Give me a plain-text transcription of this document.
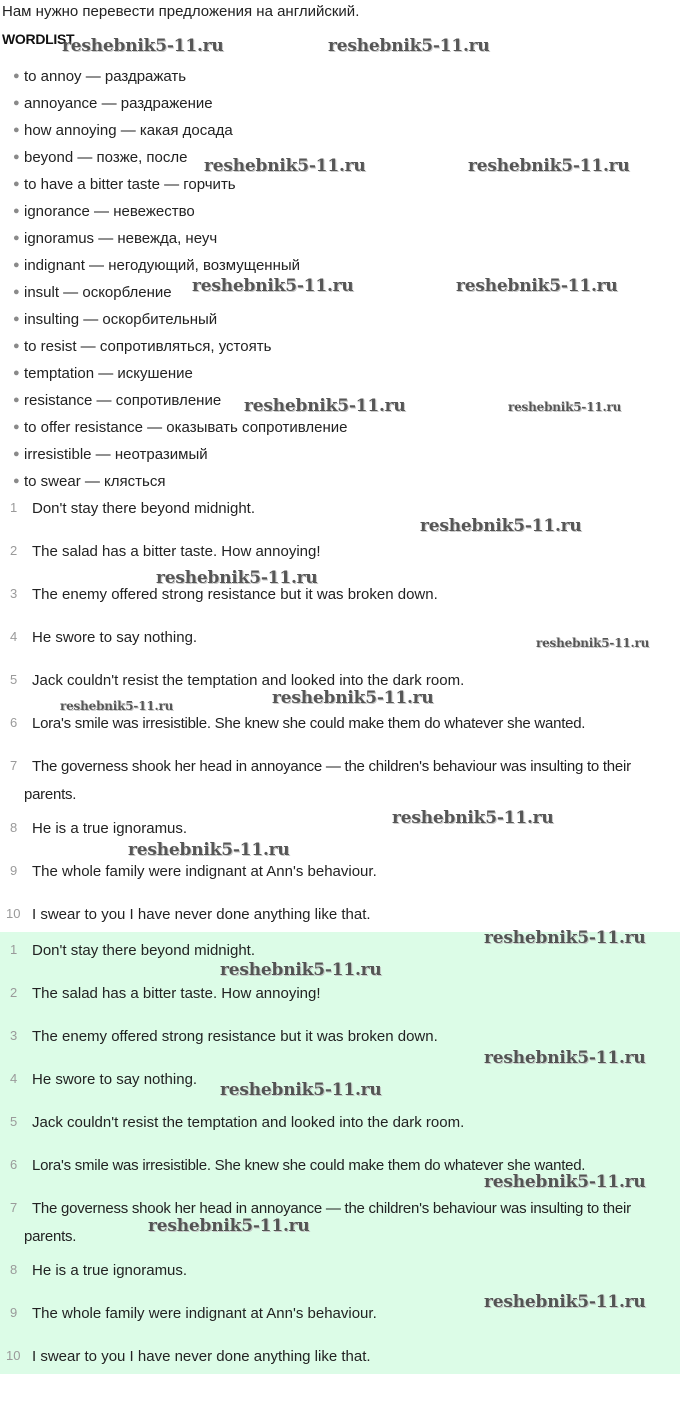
Нам нужно перевести предложения на английский.
WORDLIST
● to annoy — раздражать
● annoyance — раздражение
● how annoying — какая досада
● beyond — позже, после
● to have a bitter taste — горчить
● ignorance — невежество
● ignoramus — невежда, неуч
● indignant — негодующий, возмущенный
● insult — оскорбление
● insulting — оскорбительный
● to resist — сопротивляться, устоять
● temptation — искушение
● resistance — сопротивление
● to offer resistance — оказывать сопротивление
● irresistible — неотразимый
● to swear — клясться
1 Don't stay there beyond midnight.
2 The salad has a bitter taste. How annoying!
3 The enemy offered strong resistance but it was broken down.
4 He swore to say nothing.
5 Jack couldn't resist the temptation and looked into the dark room.
6 Lora's smile was irresistible. She knew she could make them do whatever she wanted.
7 The governess shook her head in annoyance — the children's behaviour was insulting to their parents.
8 He is a true ignoramus.
9 The whole family were indignant at Ann's behaviour.
10 I swear to you I have never done anything like that.
1 Don't stay there beyond midnight.
2 The salad has a bitter taste. How annoying!
3 The enemy offered strong resistance but it was broken down.
4 He swore to say nothing.
5 Jack couldn't resist the temptation and looked into the dark room.
6 Lora's smile was irresistible. She knew she could make them do whatever she wanted.
7 The governess shook her head in annoyance — the children's behaviour was insulting to their parents.
8 He is a true ignoramus.
9 The whole family were indignant at Ann's behaviour.
10 I swear to you I have never done anything like that.
reshebnik5-11.ru	reshebnik5-11.ru
reshebnik5-11.ru	reshebnik5-11.ru
reshebnik5-11.ru	reshebnik5-11.ru
reshebnik5-11.ru	reshebnik5-11.ru
reshebnik5-11.ru
reshebnik5-11.ru
reshebnik5-11.ru
reshebnik5-11.ru	reshebnik5-11.ru
reshebnik5-11.ru
reshebnik5-11.ru
reshebnik5-11.ru
reshebnik5-11.ru
reshebnik5-11.ru
reshebnik5-11.ru
reshebnik5-11.ru
reshebnik5-11.ru
reshebnik5-11.ru
